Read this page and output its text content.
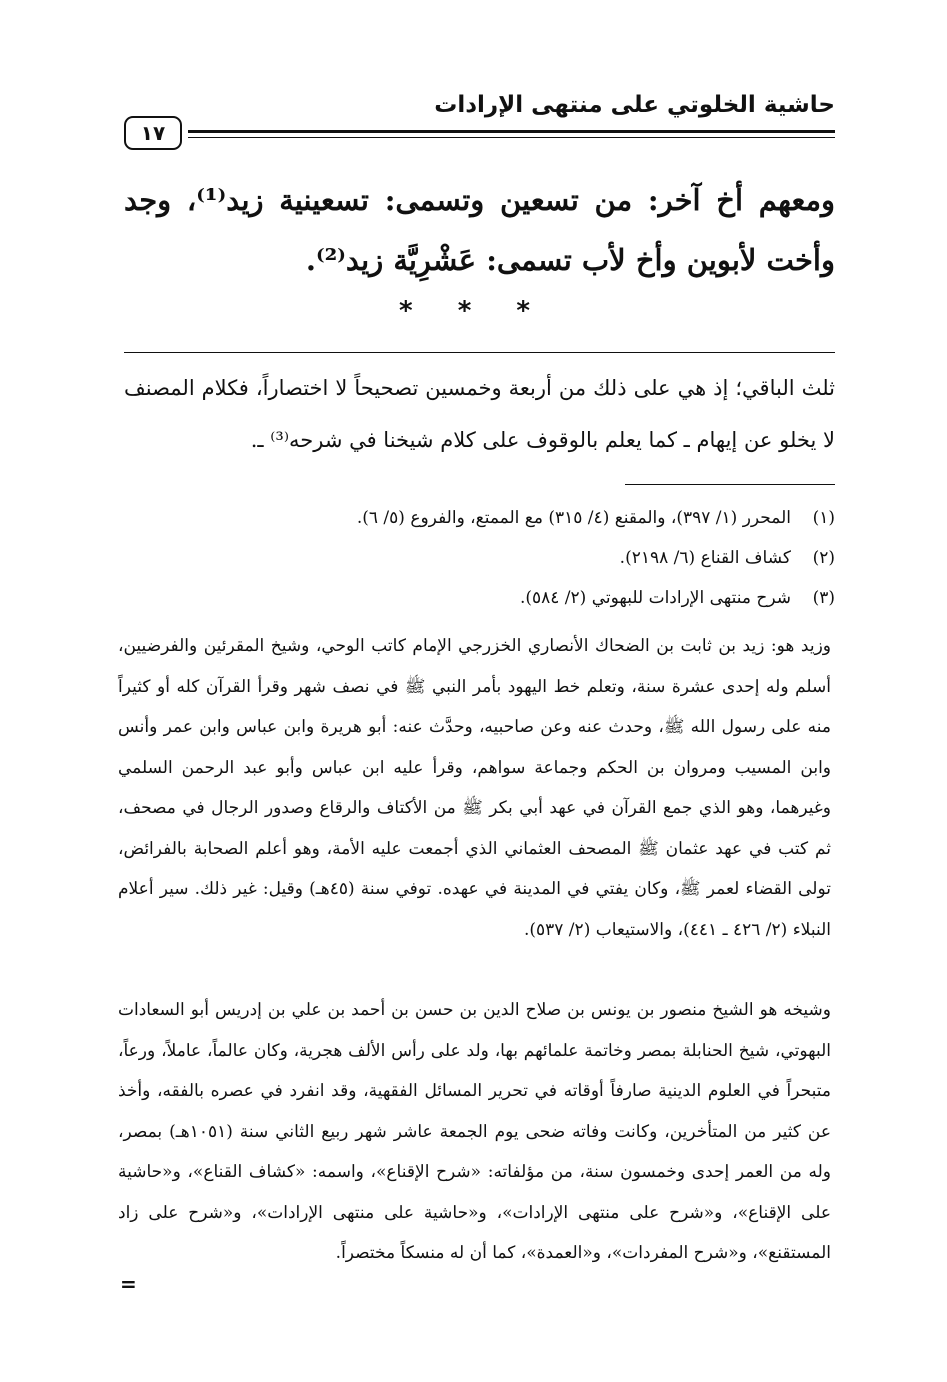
حاشية الخلوتي على منتهى الإرادات
١٧
ومعهم أخ آخر: من تسعين وتسمى: تسعينية زيد⁽¹⁾، وجد وأخت لأبوين وأخ لأب تسمى: عَشْرِيَّة زيد⁽²⁾.
* * *
ثلث الباقي؛ إذ هي على ذلك من أربعة وخمسين تصحيحاً لا اختصاراً، فكلام المصنف لا يخلو عن إيهام ـ كما يعلم بالوقوف على كلام شيخنا في شرحه⁽³⁾ ـ.
(١)
المحرر (١/ ٣٩٧)، والمقنع (٤/ ٣١٥) مع الممتع، والفروع (٥/ ٦).
(٢)
كشاف القناع (٦/ ٢١٩٨).
(٣)
شرح منتهى الإرادات للبهوتي (٢/ ٥٨٤).
وزيد هو: زيد بن ثابت بن الضحاك الأنصاري الخزرجي الإمام كاتب الوحي، وشيخ المقرئين والفرضيين، أسلم وله إحدى عشرة سنة، وتعلم خط اليهود بأمر النبي ﷺ في نصف شهر وقرأ القرآن كله أو كثيراً منه على رسول الله ﷺ، وحدث عنه وعن صاحبيه، وحدَّث عنه: أبو هريرة وابن عباس وابن عمر وأنس وابن المسيب ومروان بن الحكم وجماعة سواهم، وقرأ عليه ابن عباس وأبو عبد الرحمن السلمي وغيرهما، وهو الذي جمع القرآن في عهد أبي بكر ﷺ من الأكتاف والرقاع وصدور الرجال في مصحف، ثم كتب في عهد عثمان ﷺ المصحف العثماني الذي أجمعت عليه الأمة، وهو أعلم الصحابة بالفرائض، تولى القضاء لعمر ﷺ، وكان يفتي في المدينة في عهده. توفي سنة (٤٥هـ) وقيل: غير ذلك. سير أعلام النبلاء (٢/ ٤٢٦ ـ ٤٤١)، والاستيعاب (٢/ ٥٣٧).
وشيخه هو الشيخ منصور بن يونس بن صلاح الدين بن حسن بن أحمد بن علي بن إدريس أبو السعادات البهوتي، شيخ الحنابلة بمصر وخاتمة علمائهم بها، ولد على رأس الألف هجرية، وكان عالماً، عاملاً، ورعاً، متبحراً في العلوم الدينية صارفاً أوقاته في تحرير المسائل الفقهية، وقد انفرد في عصره بالفقه، وأخذ عن كثير من المتأخرين، وكانت وفاته ضحى يوم الجمعة عاشر شهر ربيع الثاني سنة (١٠٥١هـ) بمصر، وله من العمر إحدى وخمسون سنة، من مؤلفاته: «شرح الإقناع»، واسمه: «كشاف القناع»، و«حاشية على الإقناع»، و«شرح على منتهى الإرادات»، و«حاشية على منتهى الإرادات»، و«شرح على زاد المستقنع»، و«شرح المفردات»، و«العمدة»، كما أن له منسكاً مختصراً.
=
